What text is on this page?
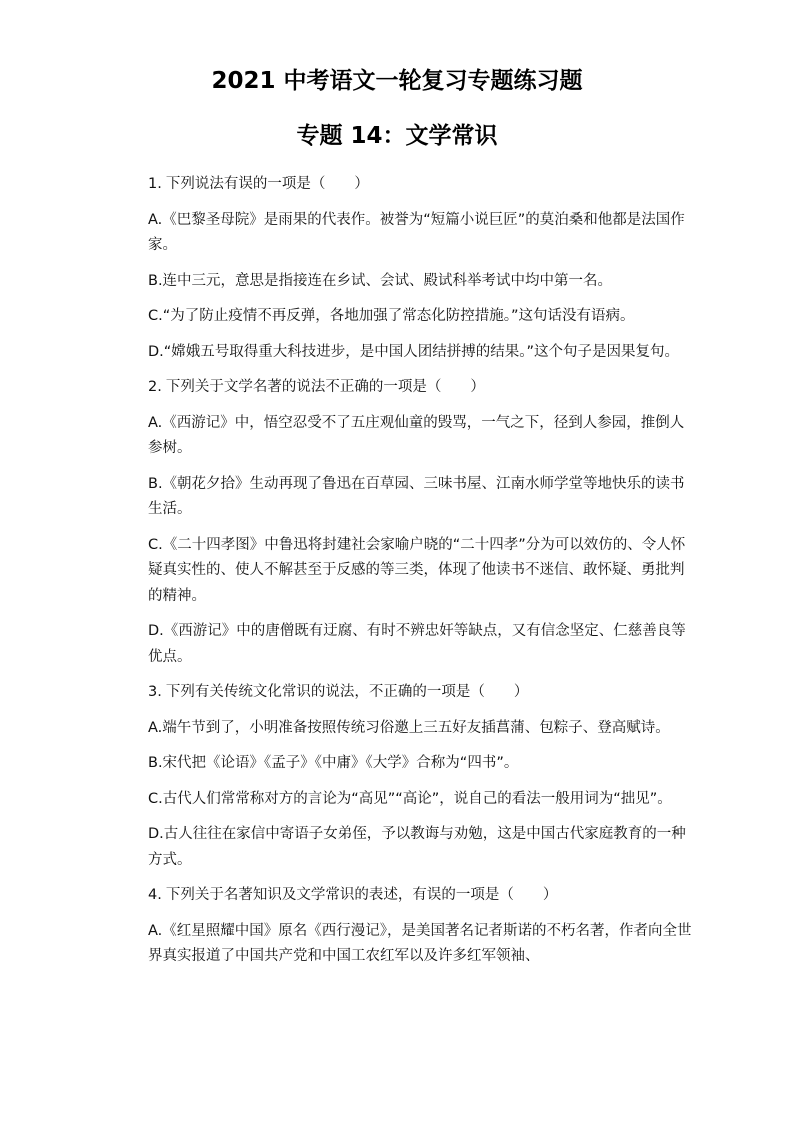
2021 中考语文一轮复习专题练习题
专题 14：文学常识
1. 下列说法有误的一项是（　　）
A.《巴黎圣母院》是雨果的代表作。被誉为“短篇小说巨匠”的莫泊桑和他都是法国作家。
B.连中三元，意思是指接连在乡试、会试、殿试科举考试中均中第一名。
C.“为了防止疫情不再反弹，各地加强了常态化防控措施。”这句话没有语病。
D.“嫦娥五号取得重大科技进步，是中国人团结拼搏的结果。”这个句子是因果复句。
2. 下列关于文学名著的说法不正确的一项是（　　）
A.《西游记》中，悟空忍受不了五庄观仙童的毁骂，一气之下，径到人参园，推倒人参树。
B.《朝花夕拾》生动再现了鲁迅在百草园、三味书屋、江南水师学堂等地快乐的读书生活。
C.《二十四孝图》中鲁迅将封建社会家喻户晓的“二十四孝”分为可以效仿的、令人怀疑真实性的、使人不解甚至于反感的等三类，体现了他读书不迷信、敢怀疑、勇批判的精神。
D.《西游记》中的唐僧既有迂腐、有时不辨忠奸等缺点，又有信念坚定、仁慈善良等优点。
3. 下列有关传统文化常识的说法，不正确的一项是（　　）
A.端午节到了，小明准备按照传统习俗邀上三五好友插菖蒲、包粽子、登高赋诗。
B.宋代把《论语》《孟子》《中庸》《大学》合称为“四书”。
C.古代人们常常称对方的言论为“高见”“高论”，说自己的看法一般用词为“拙见”。
D.古人往往在家信中寄语子女弟侄，予以教诲与劝勉，这是中国古代家庭教育的一种方式。
4. 下列关于名著知识及文学常识的表述，有误的一项是（　　）
A.《红星照耀中国》原名《西行漫记》，是美国著名记者斯诺的不朽名著，作者向全世界真实报道了中国共产党和中国工农红军以及许多红军领袖、
